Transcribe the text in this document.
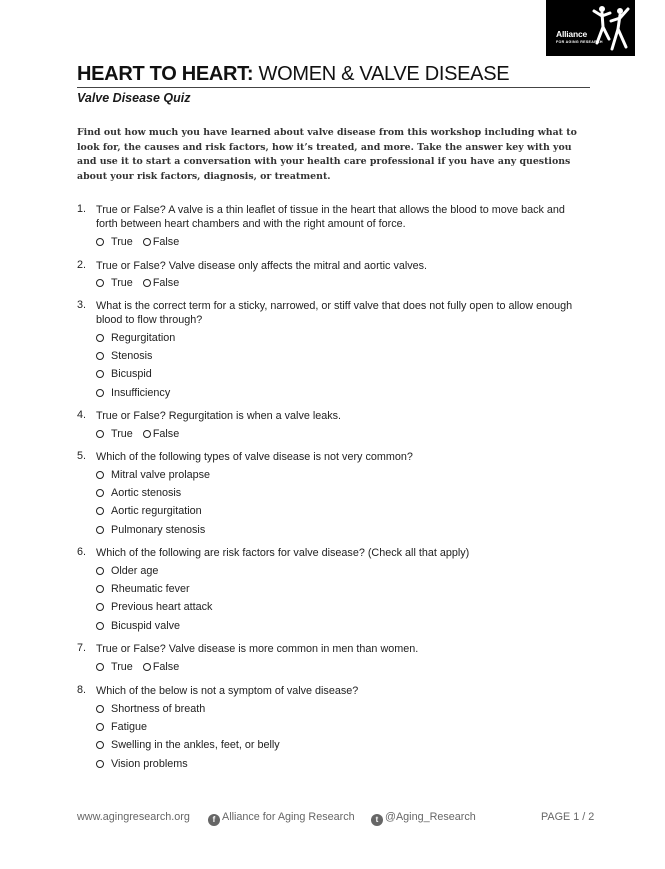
Alliance
FOR AGING RESEARCH
HEART TO HEART: WOMEN & VALVE DISEASE
Valve Disease Quiz

Find out how much you have learned about valve disease from this workshop including what to look for, the causes and risk factors, how it’s treated, and more. Take the answer key with you and use it to start a conversation with your health care professional if you have any questions about your risk factors, diagnosis, or treatment.

1. True or False? A valve is a thin leaflet of tissue in the heart that allows the blood to move back and forth between heart chambers and with the right amount of force.
True False
2. True or False? Valve disease only affects the mitral and aortic valves.
True False
3. What is the correct term for a sticky, narrowed, or stiff valve that does not fully open to allow enough blood to flow through?
Regurgitation
Stenosis
Bicuspid
Insufficiency
4. True or False? Regurgitation is when a valve leaks.
True False
5. Which of the following types of valve disease is not very common?
Mitral valve prolapse
Aortic stenosis
Aortic regurgitation
Pulmonary stenosis
6. Which of the following are risk factors for valve disease? (Check all that apply)
Older age
Rheumatic fever
Previous heart attack
Bicuspid valve
7. True or False? Valve disease is more common in men than women.
True False
8. Which of the below is not a symptom of valve disease?
Shortness of breath
Fatigue
Swelling in the ankles, feet, or belly
Vision problems
www.agingresearch.org	f Alliance for Aging Research	t @Aging_Research	PAGE 1 / 2
